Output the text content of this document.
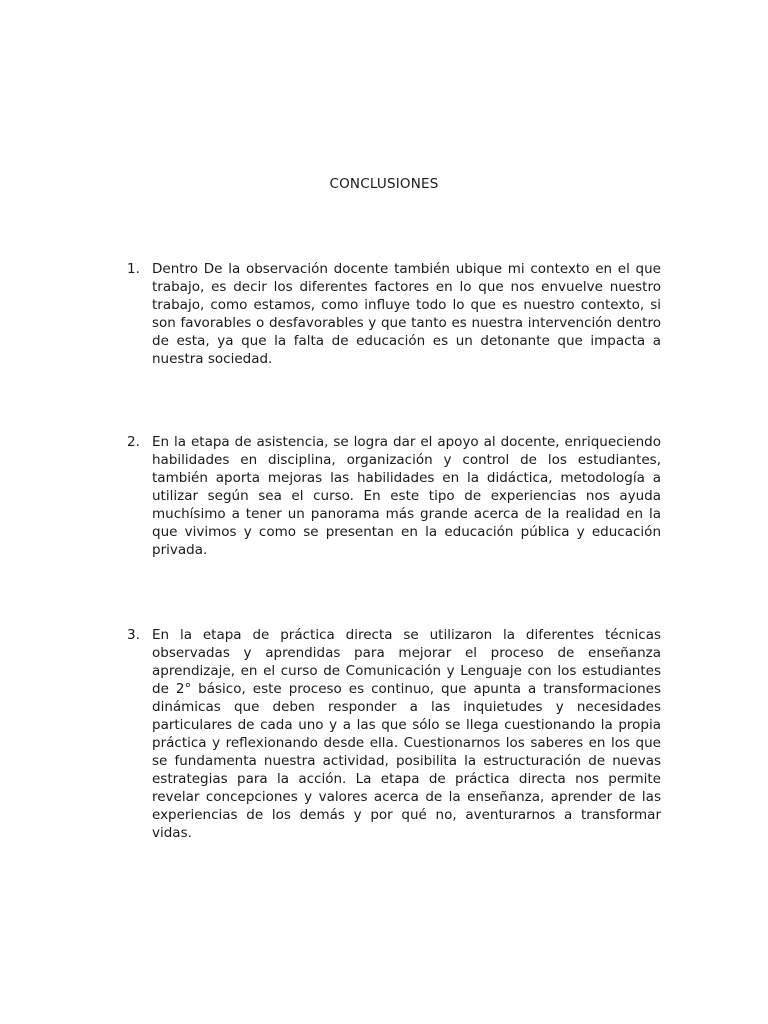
CONCLUSIONES
1. Dentro De la observación docente también ubique mi contexto en el que trabajo, es decir los diferentes factores en lo que nos envuelve nuestro trabajo, como estamos, como influye todo lo que es nuestro contexto, si son favorables o desfavorables y que tanto es nuestra intervención dentro de esta, ya que la falta de educación es un detonante que impacta a nuestra sociedad.
2. En la etapa de asistencia, se logra dar el apoyo al docente, enriqueciendo habilidades en disciplina, organización y control de los estudiantes, también aporta mejoras las habilidades en la didáctica, metodología a utilizar según sea el curso. En este tipo de experiencias nos ayuda muchísimo a tener un panorama más grande acerca de la realidad en la que vivimos y como se presentan en la educación pública y educación privada.
3. En la etapa de práctica directa se utilizaron la diferentes técnicas observadas y aprendidas para mejorar el proceso de enseñanza aprendizaje, en el curso de Comunicación y Lenguaje con los estudiantes de 2° básico, este proceso es continuo, que apunta a transformaciones dinámicas que deben responder a las inquietudes y necesidades particulares de cada uno y a las que sólo se llega cuestionando la propia práctica y reflexionando desde ella. Cuestionarnos los saberes en los que se fundamenta nuestra actividad, posibilita la estructuración de nuevas estrategias para la acción. La etapa de práctica directa nos permite revelar concepciones y valores acerca de la enseñanza, aprender de las experiencias de los demás y por qué no, aventurarnos a transformar vidas.
